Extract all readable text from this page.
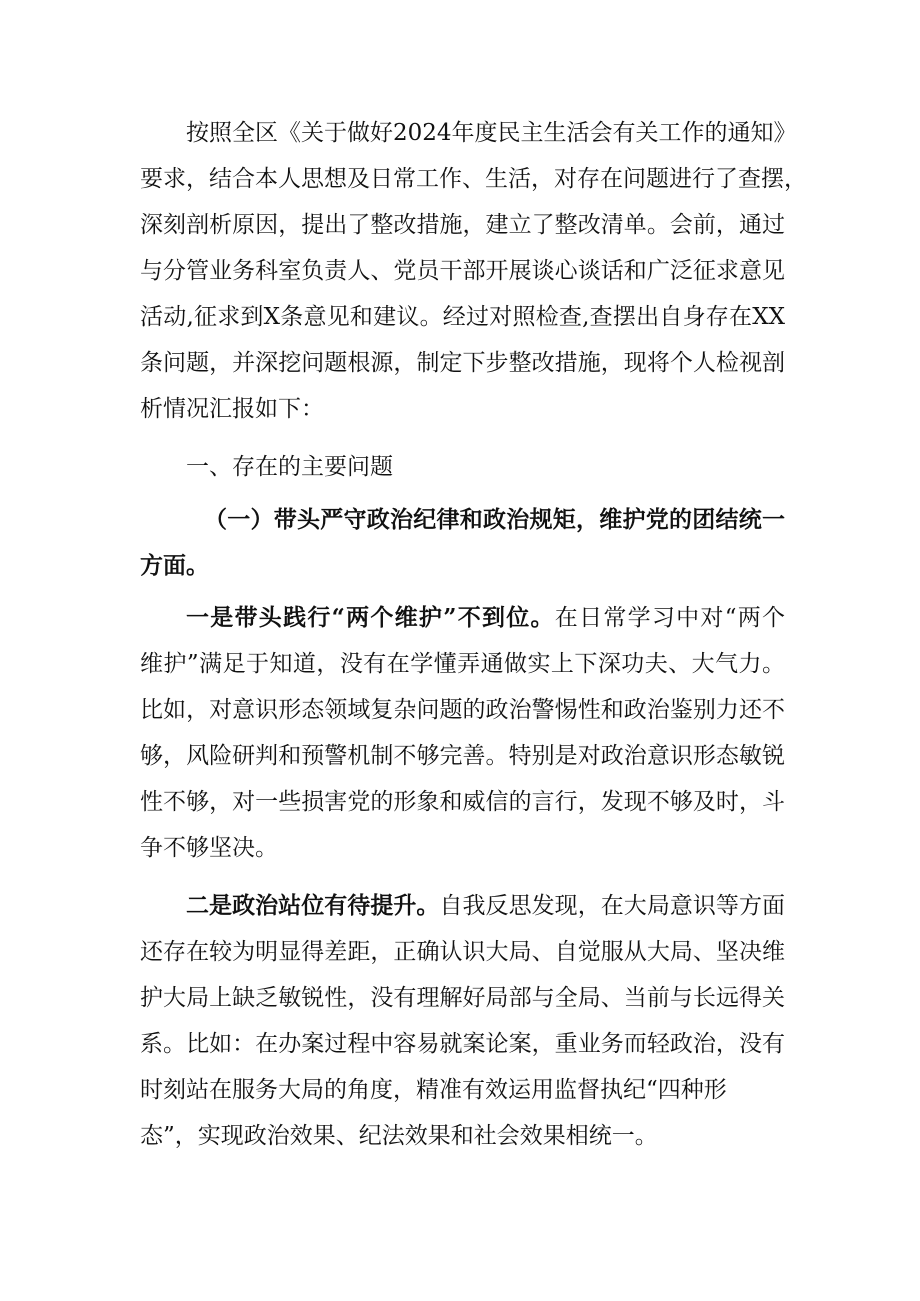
按照全区《关于做好2024年度民主生活会有关工作的通知》
要求，结合本人思想及日常工作、生活，对存在问题进行了查摆，
深刻剖析原因，提出了整改措施，建立了整改清单。会前，通过
与分管业务科室负责人、党员干部开展谈心谈话和广泛征求意见
活动,征求到X条意见和建议。经过对照检查,查摆出自身存在XX
条问题，并深挖问题根源，制定下步整改措施，现将个人检视剖
析情况汇报如下：
一、存在的主要问题
（一）带头严守政治纪律和政治规矩，维护党的团结统一
方面。
一是带头践行“两个维护”不到位。在日常学习中对“两个
维护”满足于知道，没有在学懂弄通做实上下深功夫、大气力。
比如，对意识形态领域复杂问题的政治警惕性和政治鉴别力还不
够，风险研判和预警机制不够完善。特别是对政治意识形态敏锐
性不够，对一些损害党的形象和威信的言行，发现不够及时，斗
争不够坚决。
二是政治站位有待提升。自我反思发现，在大局意识等方面
还存在较为明显得差距，正确认识大局、自觉服从大局、坚决维
护大局上缺乏敏锐性，没有理解好局部与全局、当前与长远得关
系。比如：在办案过程中容易就案论案，重业务而轻政治，没有
时刻站在服务大局的角度，精准有效运用监督执纪“四种形
态”，实现政治效果、纪法效果和社会效果相统一。
